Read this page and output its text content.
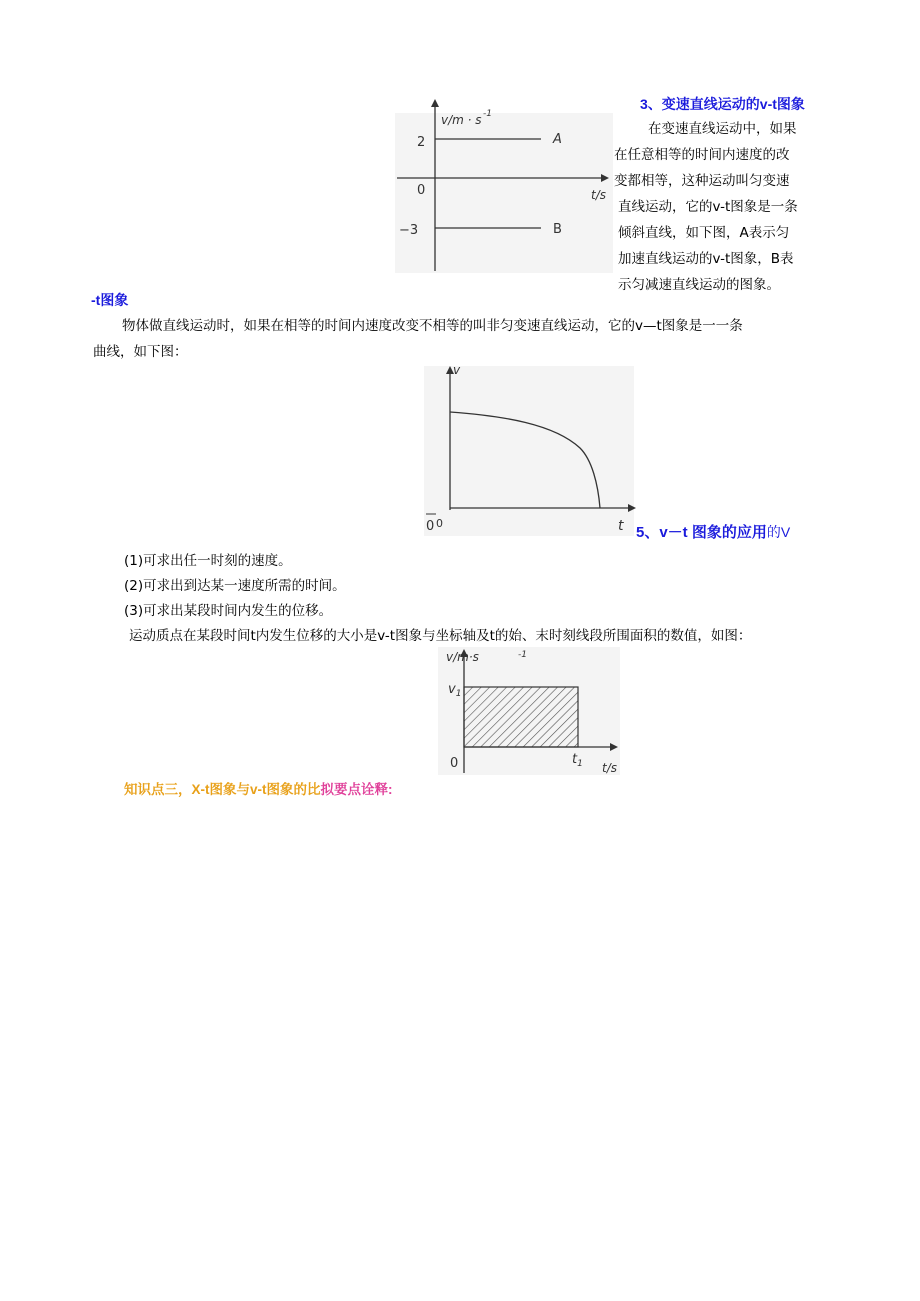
v/m · s -1
2
0
−3
A
B
t/s
3、变速直线运动的v-t图象

在变速直线运动中，如果

在任意相等的时间内速度的改

变都相等，这种运动叫匀变速

直线运动，它的v-t图象是一条

倾斜直线，如下图，A表示匀

加速直线运动的v-t图象，B表

示匀减速直线运动的图象。

-t图象
物体做直线运动时，如果在相等的时间内速度改变不相等的叫非匀变速直线运动，它的v—t图象是一一条
曲线，如下图：
v
0 0	t 5、v－t 图象的应用的V
(1)可求出任一时刻的速度。
(2)可求出到达某一速度所需的时间。
(3)可求出某段时间内发生的位移。
运动质点在某段时间t内发生位移的大小是v-t图象与坐标轴及t的始、末时刻线段所围面积的数值，如图：
v/m·s	-1
$v_1$
0	$t_1$ t/s
知识点三，X-t图象与v-t图象的比拟要点诠释:
